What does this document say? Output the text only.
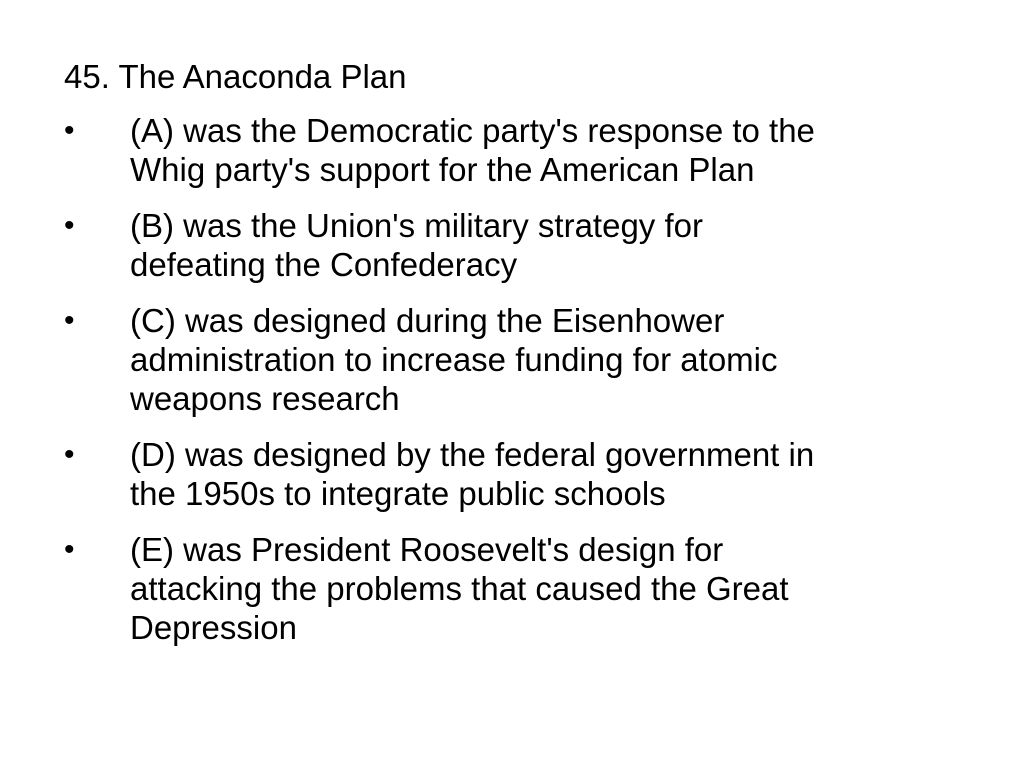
45. The Anaconda Plan
•	(A) was the Democratic party's response to the
Whig party's support for the American Plan
•	(B) was the Union's military strategy for
defeating the Confederacy
•	(C) was designed during the Eisenhower
administration to increase funding for atomic
weapons research
•	(D) was designed by the federal government in
the 1950s to integrate public schools
•	(E) was President Roosevelt's design for
attacking the problems that caused the Great
Depression
